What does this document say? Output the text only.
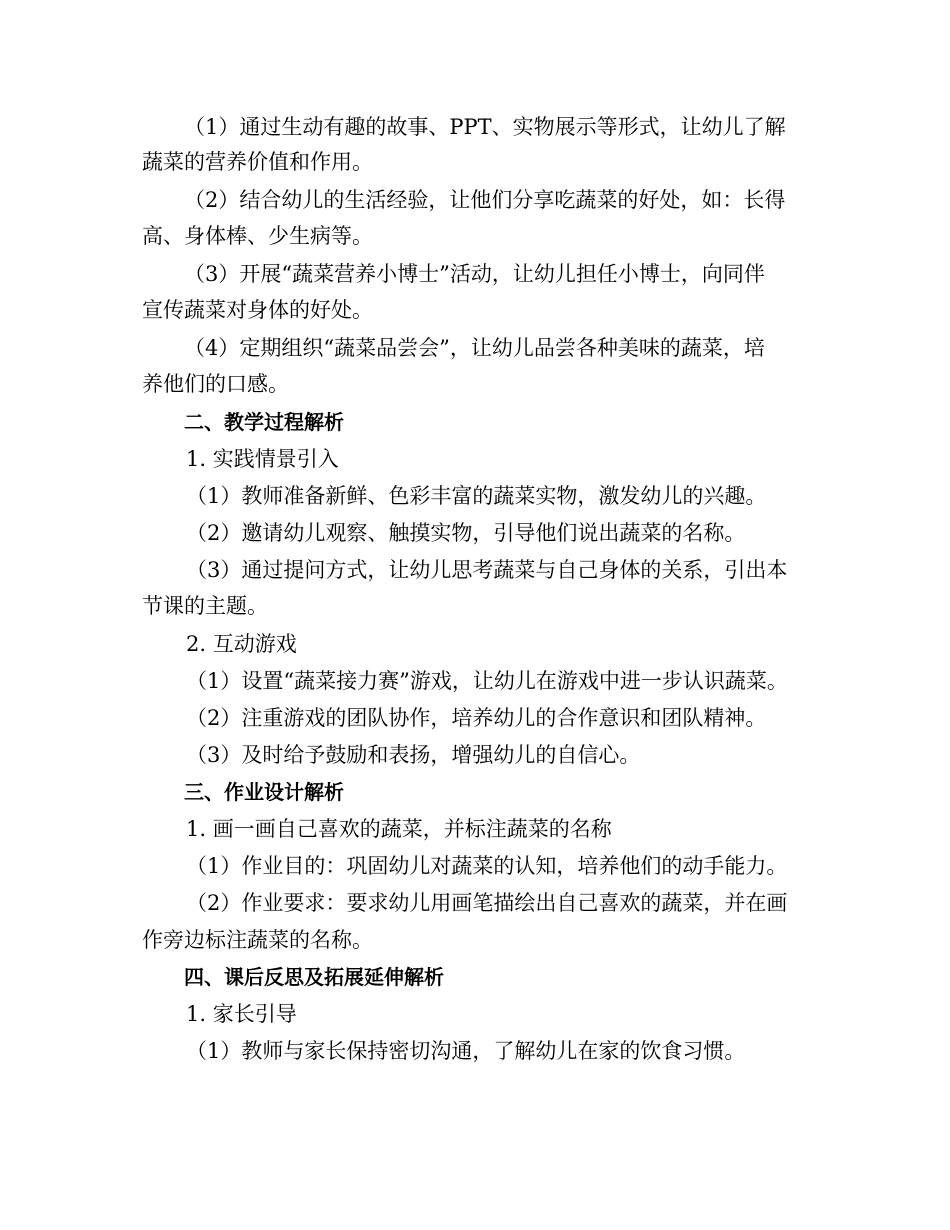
（1）通过生动有趣的故事、PPT、实物展示等形式，让幼儿了解
蔬菜的营养价值和作用。
（2）结合幼儿的生活经验，让他们分享吃蔬菜的好处，如：长得
高、身体棒、少生病等。
（3）开展“蔬菜营养小博士”活动，让幼儿担任小博士，向同伴
宣传蔬菜对身体的好处。
（4）定期组织“蔬菜品尝会”，让幼儿品尝各种美味的蔬菜，培
养他们的口感。
二、教学过程解析
1. 实践情景引入
（1）教师准备新鲜、色彩丰富的蔬菜实物，激发幼儿的兴趣。
（2）邀请幼儿观察、触摸实物，引导他们说出蔬菜的名称。
（3）通过提问方式，让幼儿思考蔬菜与自己身体的关系，引出本
节课的主题。
2. 互动游戏
（1）设置“蔬菜接力赛”游戏，让幼儿在游戏中进一步认识蔬菜。
（2）注重游戏的团队协作，培养幼儿的合作意识和团队精神。
（3）及时给予鼓励和表扬，增强幼儿的自信心。
三、作业设计解析
1. 画一画自己喜欢的蔬菜，并标注蔬菜的名称
（1）作业目的：巩固幼儿对蔬菜的认知，培养他们的动手能力。
（2）作业要求：要求幼儿用画笔描绘出自己喜欢的蔬菜，并在画
作旁边标注蔬菜的名称。
四、课后反思及拓展延伸解析
1. 家长引导
（1）教师与家长保持密切沟通，了解幼儿在家的饮食习惯。
